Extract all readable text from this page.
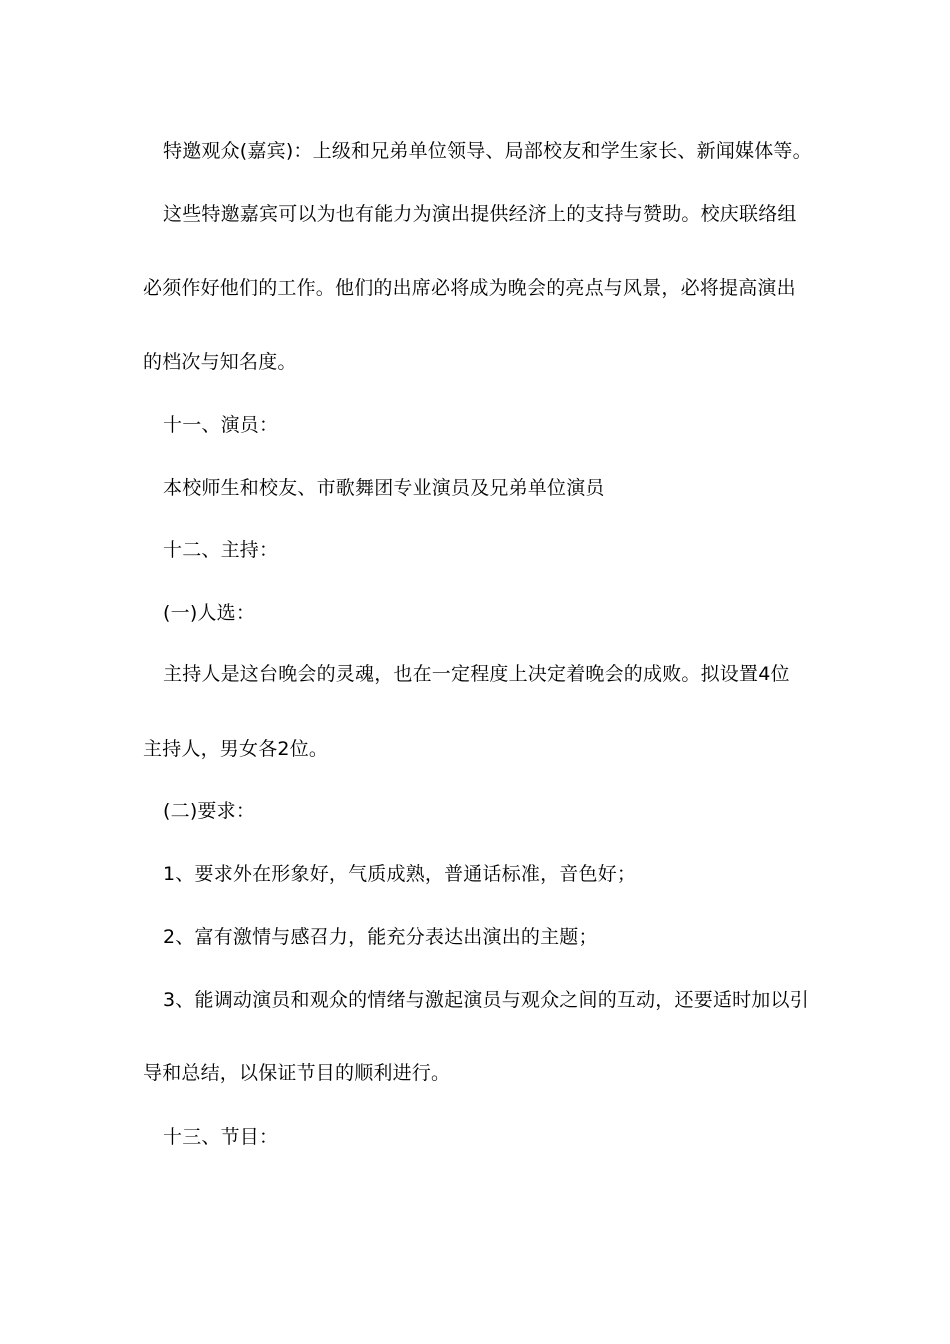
特邀观众(嘉宾)：上级和兄弟单位领导、局部校友和学生家长、新闻媒体等。
这些特邀嘉宾可以为也有能力为演出提供经济上的支持与赞助。校庆联络组
必须作好他们的工作。他们的出席必将成为晚会的亮点与风景，必将提高演出
的档次与知名度。
十一、演员：
本校师生和校友、市歌舞团专业演员及兄弟单位演员
十二、主持：
(一)人选：
主持人是这台晚会的灵魂，也在一定程度上决定着晚会的成败。拟设置4位
主持人，男女各2位。
(二)要求：
1、要求外在形象好，气质成熟，普通话标准，音色好；
2、富有激情与感召力，能充分表达出演出的主题；
3、能调动演员和观众的情绪与激起演员与观众之间的互动，还要适时加以引
导和总结，以保证节目的顺利进行。
十三、节目：
